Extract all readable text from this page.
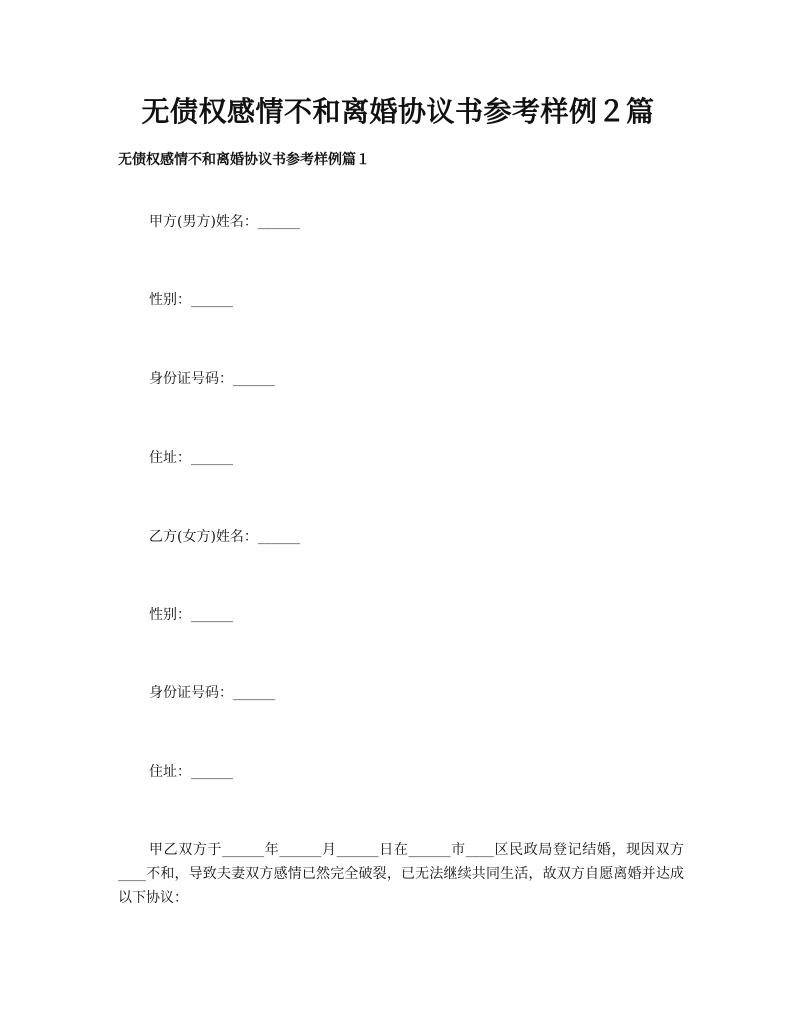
无债权感情不和离婚协议书参考样例２篇
无债权感情不和离婚协议书参考样例篇１
甲方(男方)姓名：______
性别：______
身份证号码：______
住址：______
乙方(女方)姓名：______
性别：______
身份证号码：______
住址：______

甲乙双方于______年______月______日在______市____区民政局登记结婚，现因双方____不和，导致夫妻双方感情已然完全破裂，已无法继续共同生活，故双方自愿离婚并达成以下协议：
